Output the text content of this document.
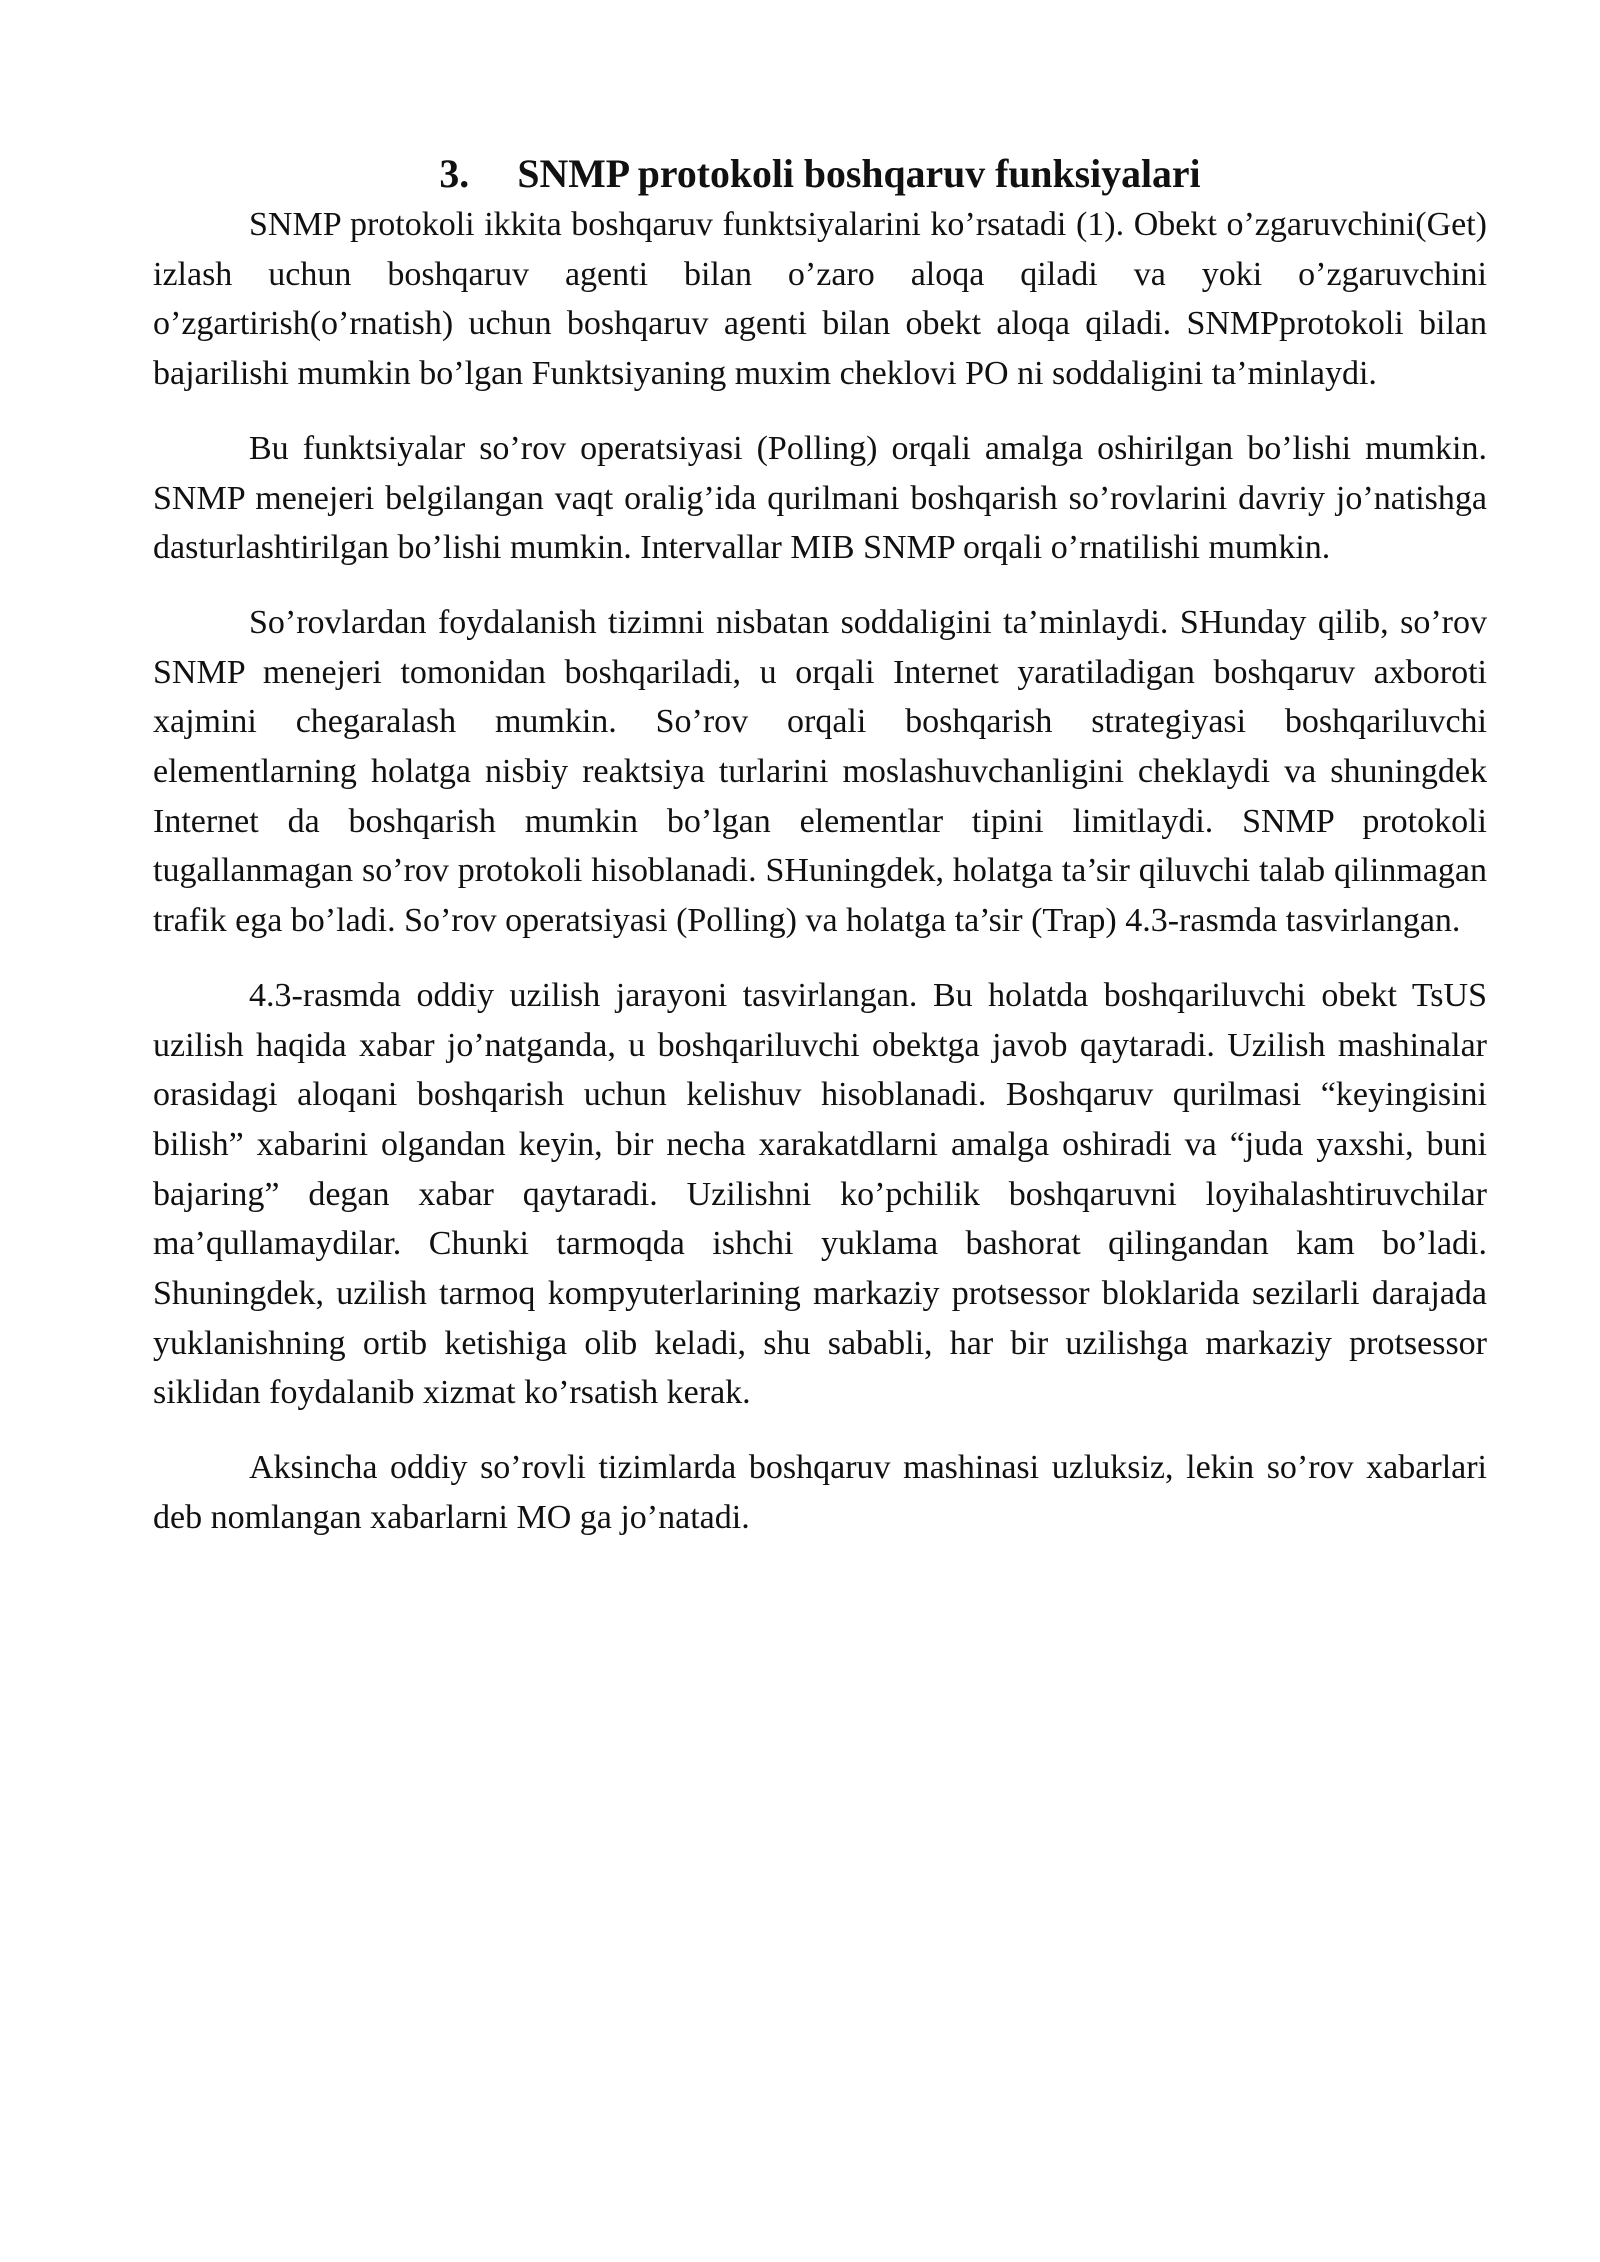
3. SNMP protokoli boshqaruv funksiyalari

SNMP protokoli ikkita boshqaruv funktsiyalarini ko’rsatadi (1). Obekt o’zgaruvchini(Get) izlash uchun boshqaruv agenti bilan o’zaro aloqa qiladi va yoki o’zgaruvchini o’zgartirish(o’rnatish) uchun boshqaruv agenti bilan obekt aloqa qiladi. SNMPprotokoli bilan bajarilishi mumkin bo’lgan Funktsiyaning muxim cheklovi PO ni soddaligini ta’minlaydi.

Bu funktsiyalar so’rov operatsiyasi (Polling) orqali amalga oshirilgan bo’lishi mumkin. SNMP menejeri belgilangan vaqt oralig’ida qurilmani boshqarish so’rovlarini davriy jo’natishga dasturlashtirilgan bo’lishi mumkin. Intervallar MIB SNMP orqali o’rnatilishi mumkin.

So’rovlardan foydalanish tizimni nisbatan soddaligini ta’minlaydi. SHunday qilib, so’rov SNMP menejeri tomonidan boshqariladi, u orqali Internet yaratiladigan boshqaruv axboroti xajmini chegaralash mumkin. So’rov orqali boshqarish strategiyasi boshqariluvchi elementlarning holatga nisbiy reaktsiya turlarini moslashuvchanligini cheklaydi va shuningdek Internet da boshqarish mumkin bo’lgan elementlar tipini limitlaydi. SNMP protokoli tugallanmagan so’rov protokoli hisoblanadi. SHuningdek, holatga ta’sir qiluvchi talab qilinmagan trafik ega bo’ladi. So’rov operatsiyasi (Polling) va holatga ta’sir (Trap) 4.3-rasmda tasvirlangan.

4.3-rasmda oddiy uzilish jarayoni tasvirlangan. Bu holatda boshqariluvchi obekt TsUS uzilish haqida xabar jo’natganda, u boshqariluvchi obektga javob qaytaradi. Uzilish mashinalar orasidagi aloqani boshqarish uchun kelishuv hisoblanadi. Boshqaruv qurilmasi “keyingisini bilish” xabarini olgandan keyin, bir necha xarakatdlarni amalga oshiradi va “juda yaxshi, buni bajaring” degan xabar qaytaradi. Uzilishni ko’pchilik boshqaruvni loyihalashtiruvchilar ma’qullamaydilar. Chunki tarmoqda ishchi yuklama bashorat qilingandan kam bo’ladi. Shuningdek, uzilish tarmoq kompyuterlarining markaziy protsessor bloklarida sezilarli darajada yuklanishning ortib ketishiga olib keladi, shu sababli, har bir uzilishga markaziy protsessor siklidan foydalanib xizmat ko’rsatish kerak.

Aksincha oddiy so’rovli tizimlarda boshqaruv mashinasi uzluksiz, lekin so’rov xabarlari deb nomlangan xabarlarni MO ga jo’natadi.
